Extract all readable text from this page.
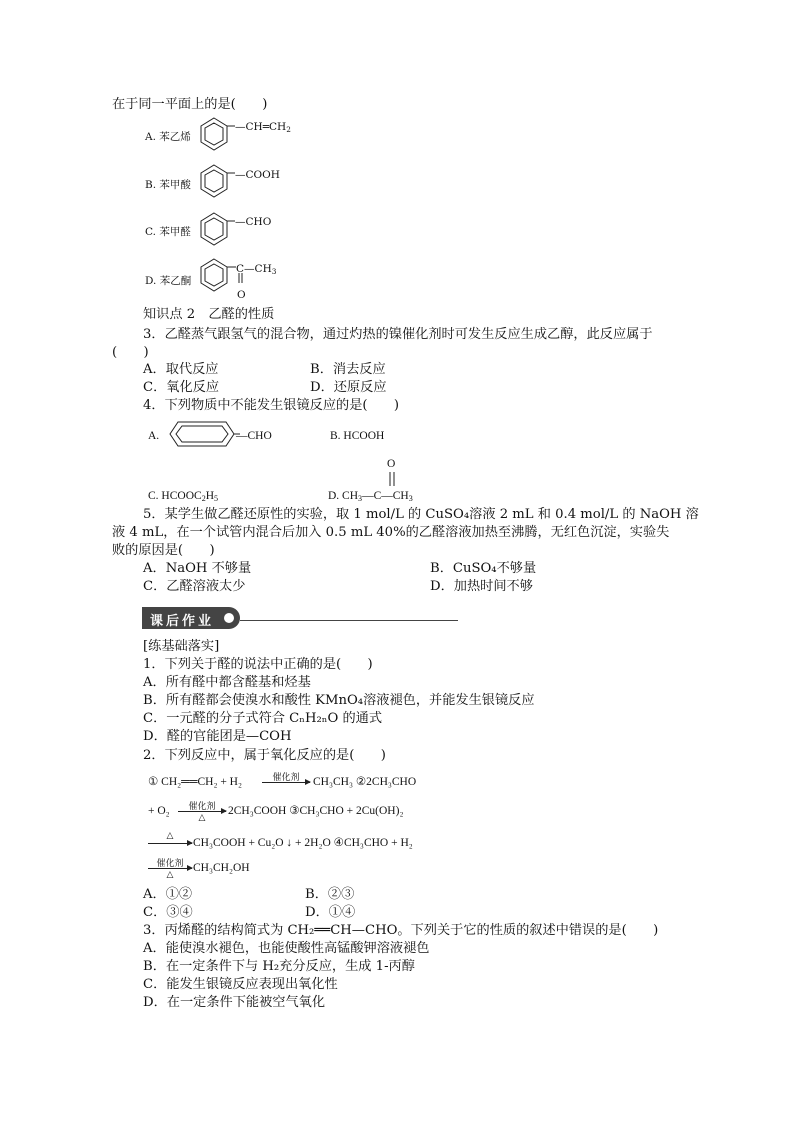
在于同一平面上的是(　　)
A. 苯乙烯
$—CH═CH_2$
B. 苯甲酸
—COOH
C. 苯甲醛
—CHO
D. 苯乙酮
$C—CH_3$
O
知识点 2　乙醛的性质
3．乙醛蒸气跟氢气的混合物，通过灼热的镍催化剂时可发生反应生成乙醇，此反应属于
(　　)
A．取代反应	B．消去反应
C．氧化反应	D．还原反应
4．下列物质中不能发生银镜反应的是(　　)
A.	—CHO	B. HCOOH
C. $HCOOC_2H_5$
O
D. $CH_3—C—CH_3$
5．某学生做乙醛还原性的实验，取 1 mol/L 的 CuSO₄溶液 2 mL 和 0.4 mol/L 的 NaOH 溶
液 4 mL，在一个试管内混合后加入 0.5 mL 40%的乙醛溶液加热至沸腾，无红色沉淀，实验失
败的原因是(　　)
A．NaOH 不够量	B．CuSO₄不够量
C．乙醛溶液太少	D．加热时间不够
课后作业
[练基础落实]
1．下列关于醛的说法中正确的是(　　)
A．所有醛中都含醛基和烃基
B．所有醛都会使溴水和酸性 KMnO₄溶液褪色，并能发生银镜反应
C．一元醛的分子式符合 CₙH₂ₙO 的通式
D．醛的官能团是—COH
2．下列反应中，属于氧化反应的是(　　)
① CH₂══CH₂ + H₂	催化剂	CH₃CH₃ ②2CH₃CHO
+ O₂	催化剂
△
2CH₃COOH ③CH₃CHO + 2Cu(OH)₂
△
CH₃COOH + Cu₂O ↓ + 2H₂O ④CH₃CHO + H₂
催化剂
△
CH₃CH₂OH
A．①②	B．②③
C．③④	D．①④
3．丙烯醛的结构简式为 CH₂══CH—CHO。下列关于它的性质的叙述中错误的是(　　)
A．能使溴水褪色，也能使酸性高锰酸钾溶液褪色
B．在一定条件下与 H₂充分反应，生成 1-丙醇
C．能发生银镜反应表现出氧化性
D．在一定条件下能被空气氧化
